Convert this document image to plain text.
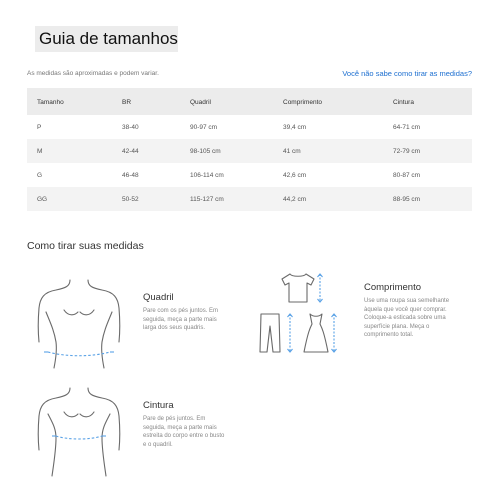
Guia de tamanhos
As medidas são aproximadas e podem variar.	Você não sabe como tirar as medidas?
Tamanho	BR	Quadril	Comprimento	Cintura
P	38-40	90-97 cm	39,4 cm	64-71 cm
M	42-44	98-105 cm	41 cm	72-79 cm
G	46-48	106-114 cm	42,6 cm	80-87 cm
GG	50-52	115-127 cm	44,2 cm	88-95 cm
Como tirar suas medidas
Quadril
Pare com os pés juntos. Em
seguida, meça a parte mais
larga dos seus quadris.
Comprimento
Use uma roupa sua semelhante
àquela que você quer comprar.
Coloque-a esticada sobre uma
superfície plana. Meça o
comprimento total.
Cintura
Pare de pés juntos. Em
seguida, meça a parte mais
estreita do corpo entre o busto
e o quadril.
